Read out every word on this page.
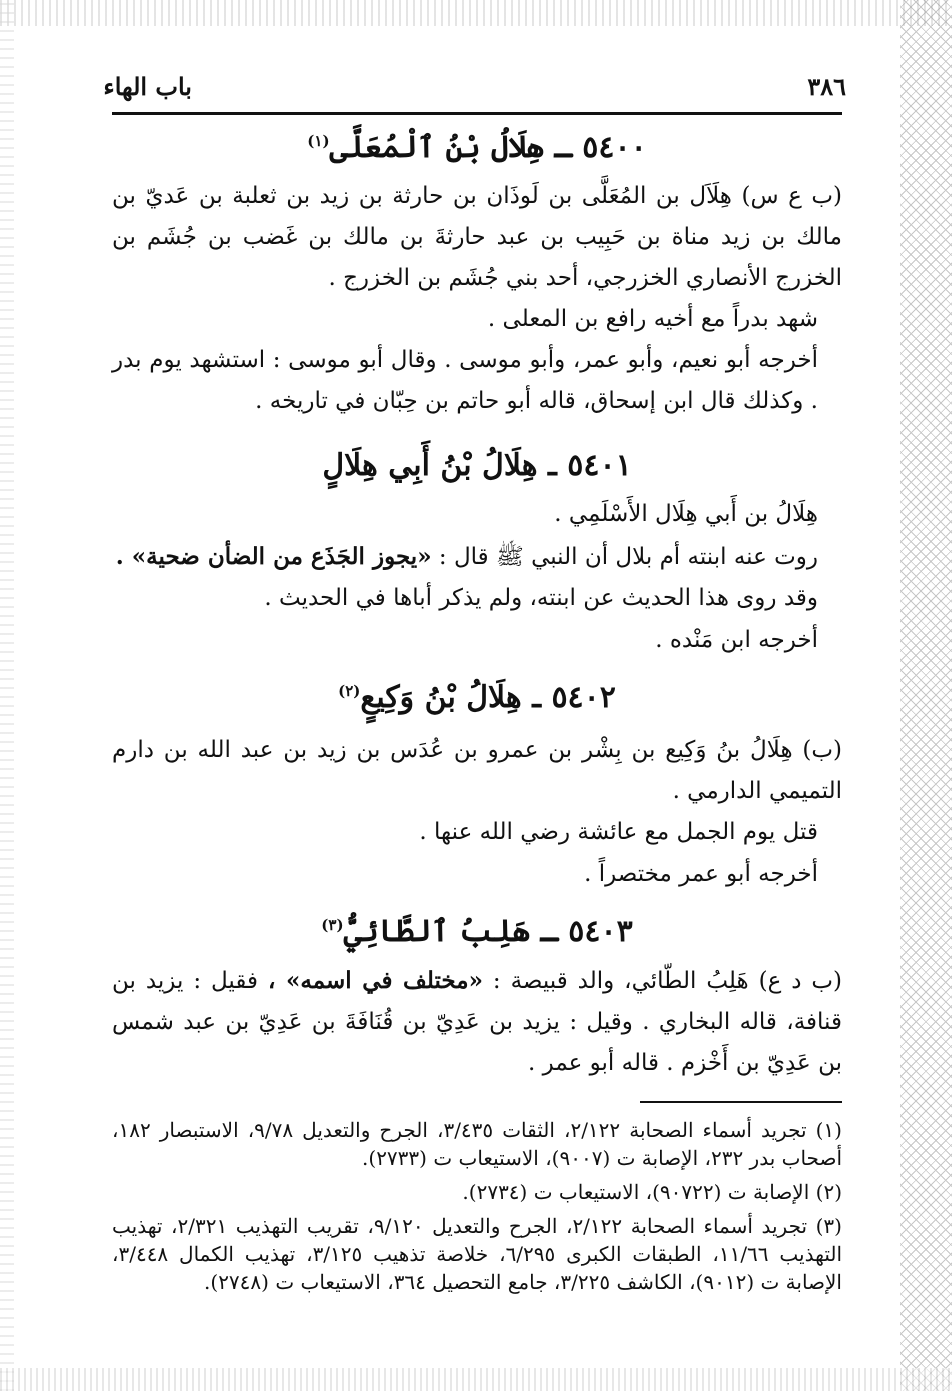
باب الهاء	٣٨٦
٥٤٠٠ ـ هِلَالُ بْنُ ٱلْمُعَلَّى$^{(١)}$

(ب ع س) هِلَاَل بن المُعَلَّى بن لَوذَان بن حارثة بن زيد بن ثعلبة بن عَديّ بن مالك بن زيد مناة بن حَبِيب بن عبد حارثةَ بن مالك بن غَضب بن جُشَم بن الخزرج الأنصاري الخزرجي، أحد بني جُشَم بن الخزرج .

شهد بدراً مع أخيه رافع بن المعلى .

أخرجه أبو نعيم، وأبو عمر، وأبو موسى . وقال أبو موسى : استشهد يوم بدر . وكذلك قال ابن إسحاق، قاله أبو حاتم بن حِبّان في تاريخه .

٥٤٠١ ـ هِلَالُ بْنُ أَبِي هِلَالٍ

هِلَالُ بن أَبي هِلَال الأَسْلَمِي .

روت عنه ابنته أم بلال أن النبي ﷺ قال : «يجوز الجَذَع من الضأن ضحية» .

وقد روى هذا الحديث عن ابنته، ولم يذكر أباها في الحديث .

أخرجه ابن مَنْده .

٥٤٠٢ ـ هِلَالُ بْنُ وَكِيعٍ$^{(٢)}$

(ب) هِلَالُ بنُ وَكِيع بن بِشْر بن عمرو بن عُدَس بن زيد بن عبد الله بن دارم التميمي الدارمي .

قتل يوم الجمل مع عائشة رضي الله عنها .

أخرجه أبو عمر مختصراً .

٥٤٠٣ ـ هَلِبُ ٱلطَّائِيُّ$^{(٣)}$

(ب د ع) هَلِبُ الطّائي، والد قبيصة : «مختلف في اسمه» ، فقيل : يزيد بن قنافة، قاله البخاري . وقيل : يزيد بن عَدِيّ بن قُنَافَةَ بن عَدِيّ بن عبد شمس بن عَدِيّ بن أَخْزم . قاله أبو عمر .

(١) تجريد أسماء الصحابة ٢/١٢٢، الثقات ٣/٤٣٥، الجرح والتعديل ٩/٧٨، الاستبصار ١٨٢، أصحاب بدر ٢٣٢، الإصابة ت (٩٠٠٧)، الاستيعاب ت (٢٧٣٣).

(٢) الإصابة ت (٩٠٧٢٢)، الاستيعاب ت (٢٧٣٤).

(٣) تجريد أسماء الصحابة ٢/١٢٢، الجرح والتعديل ٩/١٢٠، تقريب التهذيب ٢/٣٢١، تهذيب التهذيب ١١/٦٦، الطبقات الكبرى ٦/٢٩٥، خلاصة تذهيب ٣/١٢٥، تهذيب الكمال ٣/٤٤٨، الإصابة ت (٩٠١٢)، الكاشف ٣/٢٢٥، جامع التحصيل ٣٦٤، الاستيعاب ت (٢٧٤٨).
